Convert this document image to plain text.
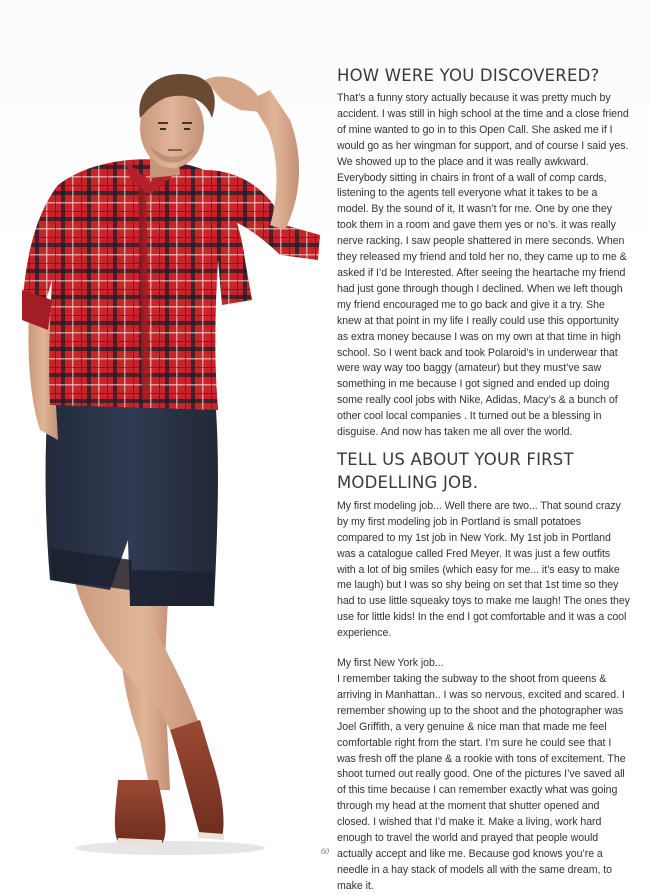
HOW WERE YOU DISCOVERED?

That’s a funny story actually because it was pretty much by accident. I was still in high school at the time and a close friend of mine wanted to go in to this Open Call. She asked me if I would go as her wingman for support, and of course I said yes. We showed up to the place and it was really awkward. Everybody sitting in chairs in front of a wall of comp cards, listening to the agents tell everyone what it takes to be a model. By the sound of it, It wasn’t for me. One by one they took them in a room and gave them yes or no’s. it was really nerve racking. I saw people shattered in mere seconds. When they released my friend and told her no, they came up to me & asked if I’d be Interested. After seeing the heartache my friend had just gone through though I declined. When we left though my friend encouraged me to go back and give it a try. She knew at that point in my life I really could use this opportunity as extra money because I was on my own at that time in high school. So I went back and took Polaroid’s in underwear that were way way too baggy (amateur) but they must’ve saw something in me because I got signed and ended up doing some really cool jobs with Nike, Adidas, Macy’s & a bunch of other cool local companies . It turned out be a blessing in disguise. And now has taken me all over the world.

TELL US ABOUT YOUR FIRST MODELLING JOB.

My first modeling job... Well there are two... That sound crazy by my first modeling job in Portland is small potatoes compared to my 1st job in New York. My 1st job in Portland was a catalogue called Fred Meyer. It was just a few outfits with a lot of big smiles (which easy for me... it’s easy to make me laugh) but I was so shy being on set that 1st time so they had to use little squeaky toys to make me laugh! The ones they use for little kids! In the end I got comfortable and it was a cool experience.

My first New York job...

I remember taking the subway to the shoot from queens & arriving in Manhattan.. I was so nervous, excited and scared. I remember showing up to the shoot and the photographer was Joel Griffith, a very genuine & nice man that made me feel comfortable right from the start. I’m sure he could see that I was fresh off the plane & a rookie with tons of excitement. The shoot turned out really good. One of the pictures I’ve saved all of this time because I can remember exactly what was going through my head at the moment that shutter opened and closed. I wished that I’d make it. Make a living, work hard enough to travel the world and prayed that people would actually accept and like me. Because god knows you’re a needle in a hay stack of models all with the same dream, to make it.

60
